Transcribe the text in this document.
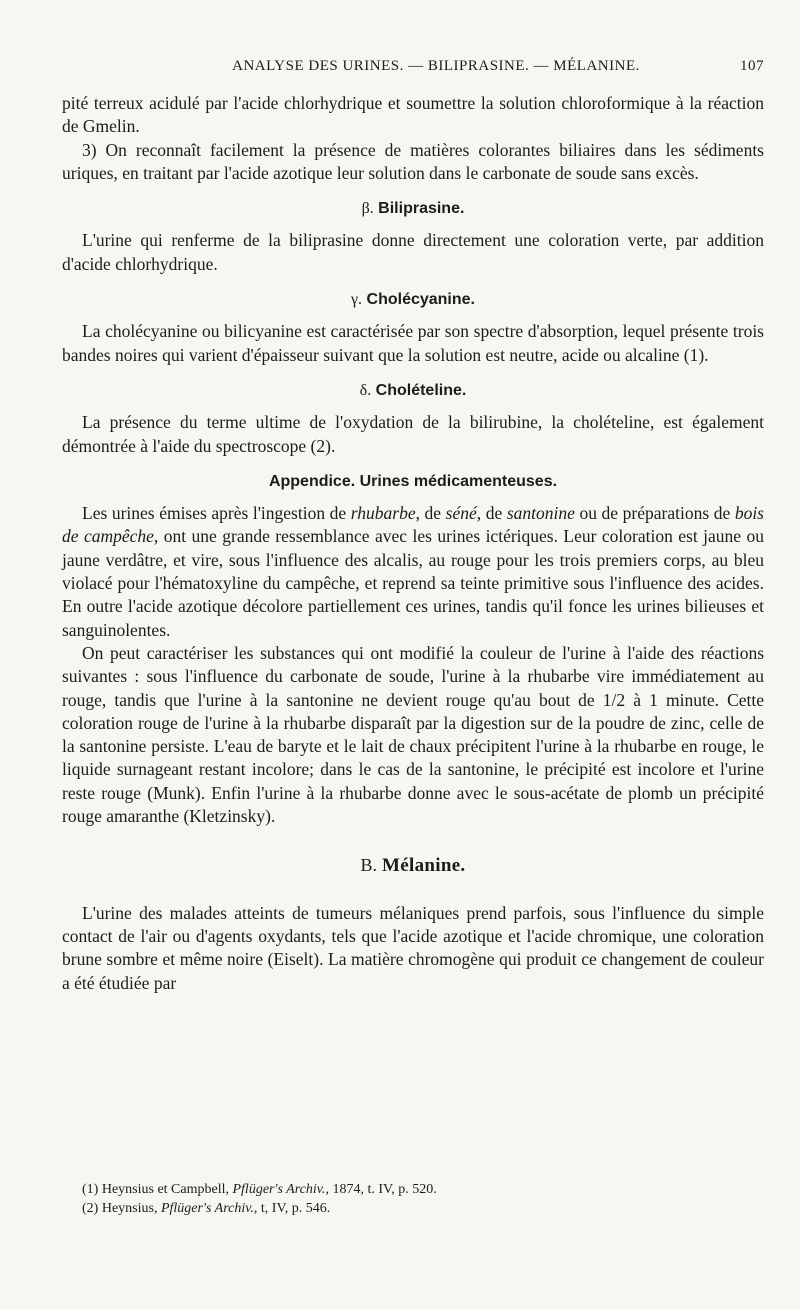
ANALYSE DES URINES. — BILIPRASINE. — MÉLANINE.	107

pité terreux acidulé par l'acide chlorhydrique et soumettre la solution chloroformique à la réaction de Gmelin.

3) On reconnaît facilement la présence de matières colorantes biliaires dans les sédiments uriques, en traitant par l'acide azotique leur solution dans le carbonate de soude sans excès.

β. Biliprasine.

L'urine qui renferme de la biliprasine donne directement une coloration verte, par addition d'acide chlorhydrique.

γ. Cholécyanine.

La cholécyanine ou bilicyanine est caractérisée par son spectre d'absorption, lequel présente trois bandes noires qui varient d'épaisseur suivant que la solution est neutre, acide ou alcaline (1).

δ. Cholételine.

La présence du terme ultime de l'oxydation de la bilirubine, la cholételine, est également démontrée à l'aide du spectroscope (2).

Appendice. Urines médicamenteuses.

Les urines émises après l'ingestion de rhubarbe, de séné, de santonine ou de préparations de bois de campêche, ont une grande ressemblance avec les urines ictériques. Leur coloration est jaune ou jaune verdâtre, et vire, sous l'influence des alcalis, au rouge pour les trois premiers corps, au bleu violacé pour l'hématoxyline du campêche, et reprend sa teinte primitive sous l'influence des acides. En outre l'acide azotique décolore partiellement ces urines, tandis qu'il fonce les urines bilieuses et sanguinolentes.

On peut caractériser les substances qui ont modifié la couleur de l'urine à l'aide des réactions suivantes : sous l'influence du carbonate de soude, l'urine à la rhubarbe vire immédiatement au rouge, tandis que l'urine à la santonine ne devient rouge qu'au bout de 1/2 à 1 minute. Cette coloration rouge de l'urine à la rhubarbe disparaît par la digestion sur de la poudre de zinc, celle de la santonine persiste. L'eau de baryte et le lait de chaux précipitent l'urine à la rhubarbe en rouge, le liquide surnageant restant incolore; dans le cas de la santonine, le précipité est incolore et l'urine reste rouge (Munk). Enfin l'urine à la rhubarbe donne avec le sous-acétate de plomb un précipité rouge amaranthe (Kletzinsky).

B. Mélanine.

L'urine des malades atteints de tumeurs mélaniques prend parfois, sous l'influence du simple contact de l'air ou d'agents oxydants, tels que l'acide azotique et l'acide chromique, une coloration brune sombre et même noire (Eiselt). La matière chromogène qui produit ce changement de couleur a été étudiée par

(1) Heynsius et Campbell, Pflüger's Archiv., 1874, t. IV, p. 520.
(2) Heynsius, Pflüger's Archiv., t, IV, p. 546.
